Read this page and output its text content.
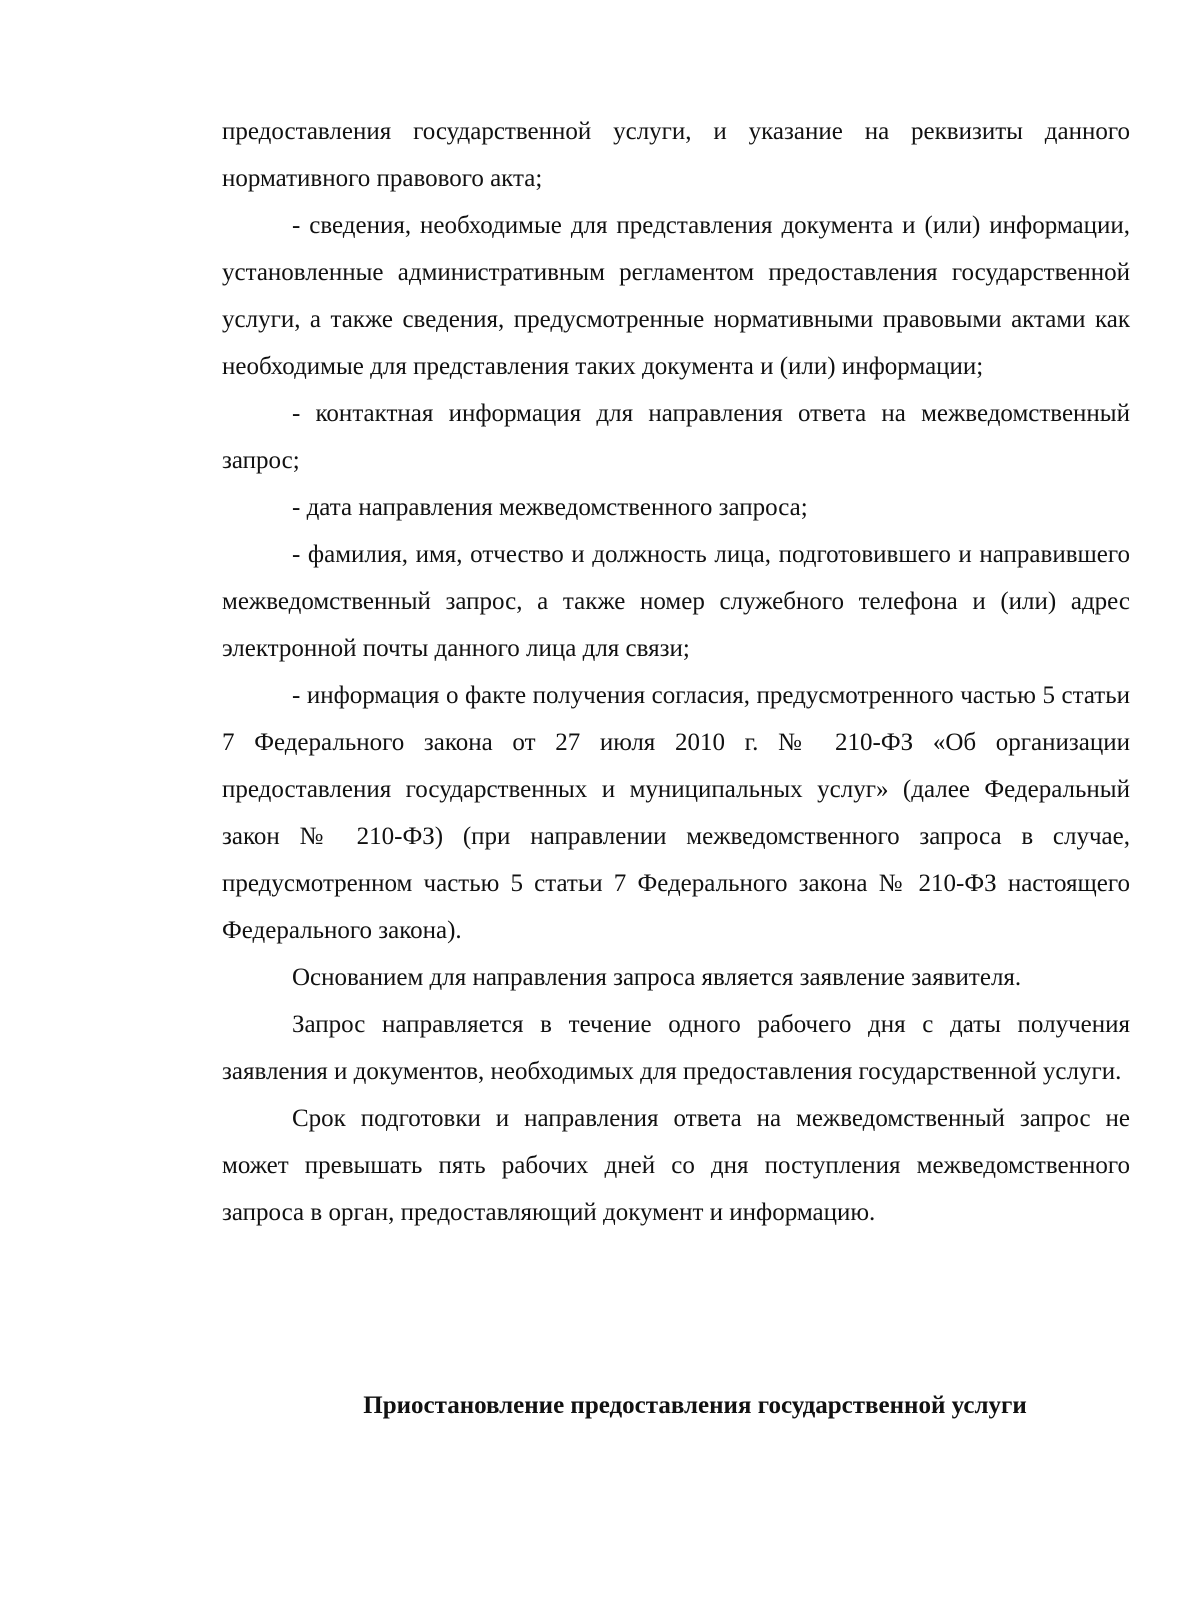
предоставления государственной услуги, и указание на реквизиты данного нормативного правового акта;

- сведения, необходимые для представления документа и (или) информации, установленные административным регламентом предоставления государственной услуги, а также сведения, предусмотренные нормативными правовыми актами как необходимые для представления таких документа и (или) информации;

- контактная информация для направления ответа на межведомственный запрос;

- дата направления межведомственного запроса;

- фамилия, имя, отчество и должность лица, подготовившего и направившего межведомственный запрос, а также номер служебного телефона и (или) адрес электронной почты данного лица для связи;

- информация о факте получения согласия, предусмотренного частью 5 статьи 7 Федерального закона от 27 июля 2010 г. № 210-ФЗ «Об организации предоставления государственных и муниципальных услуг» (далее Федеральный закон № 210-ФЗ) (при направлении межведомственного запроса в случае, предусмотренном частью 5 статьи 7 Федерального закона № 210-ФЗ настоящего Федерального закона).

Основанием для направления запроса является заявление заявителя.

Запрос направляется в течение одного рабочего дня с даты получения заявления и документов, необходимых для предоставления государственной услуги.

Срок подготовки и направления ответа на межведомственный запрос не может превышать пять рабочих дней со дня поступления межведомственного запроса в орган, предоставляющий документ и информацию.

Приостановление предоставления государственной услуги
